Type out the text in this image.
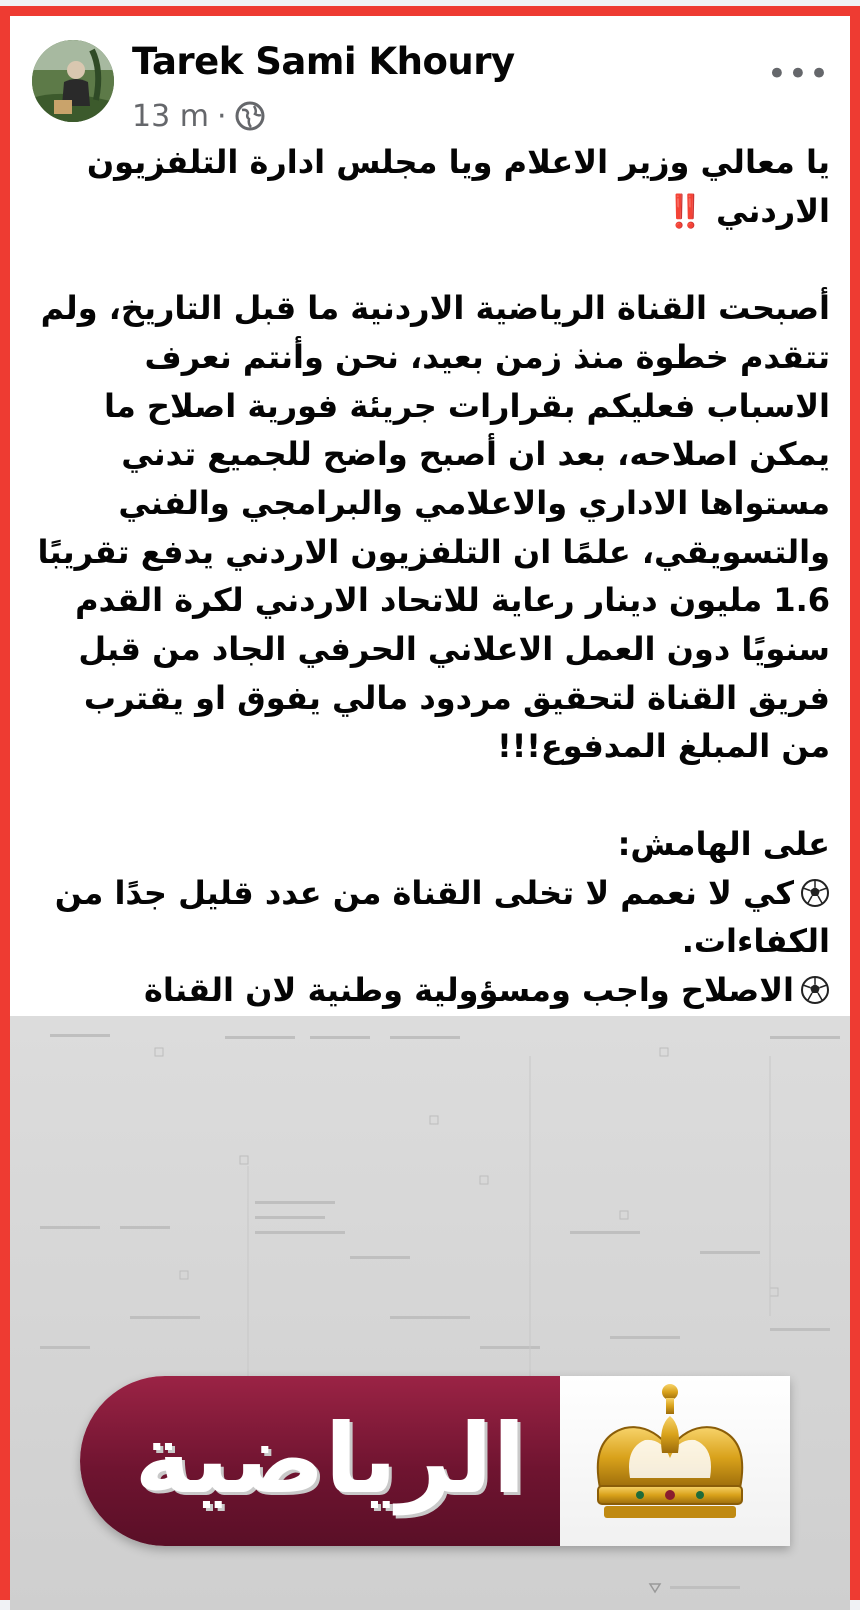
Tarek Sami Khoury
13 m ·
•••

يا معالي وزير الاعلام ويا مجلس ادارة التلفزيون

الاردني ‼️

أصبحت القناة الرياضية الاردنية ما قبل التاريخ، ولم تتقدم خطوة منذ زمن بعيد، نحن وأنتم نعرف الاسباب فعليكم بقرارات جريئة فورية اصلاح ما يمكن اصلاحه، بعد ان أصبح واضح للجميع تدني مستواها الاداري والاعلامي والبرامجي والفني والتسويقي، علمًا ان التلفزيون الاردني يدفع تقريبًا 1.6 مليون دينار رعاية للاتحاد الاردني لكرة القدم سنويًا دون العمل الاعلاني الحرفي الجاد من قبل فريق القناة لتحقيق مردود مالي يفوق او يقترب من المبلغ المدفوع!!!

على الهامش:

كي لا نعمم لا تخلى القناة من عدد قليل جدًا من الكفاءات.

الاصلاح واجب ومسؤولية وطنية لان القناة

الرياضية
